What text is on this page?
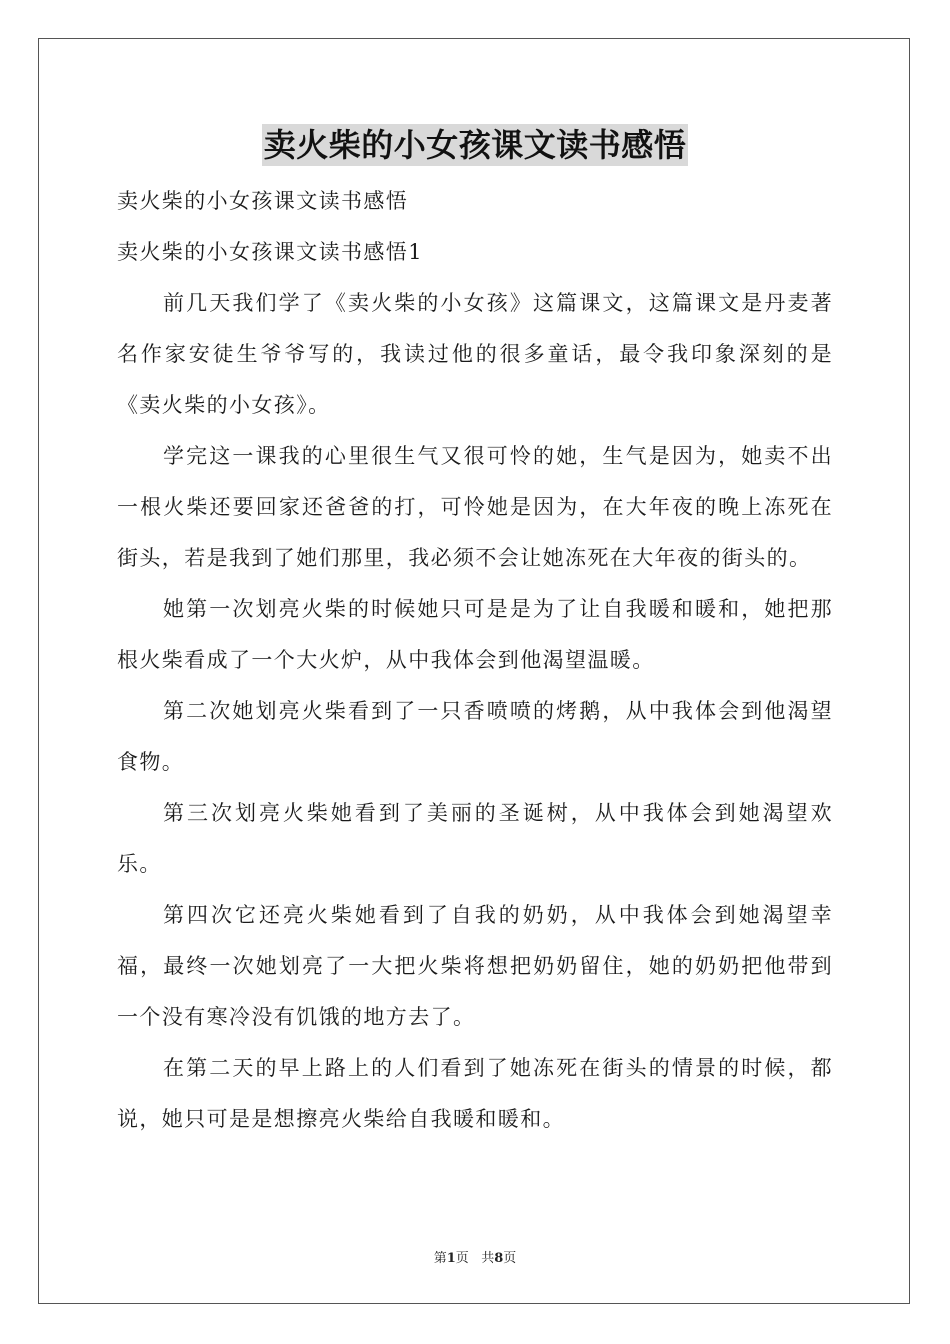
卖火柴的小女孩课文读书感悟

卖火柴的小女孩课文读书感悟

卖火柴的小女孩课文读书感悟1

前几天我们学了《卖火柴的小女孩》这篇课文，这篇课文是丹麦著名作家安徒生爷爷写的，我读过他的很多童话，最令我印象深刻的是《卖火柴的小女孩》。

学完这一课我的心里很生气又很可怜的她，生气是因为，她卖不出一根火柴还要回家还爸爸的打，可怜她是因为，在大年夜的晚上冻死在街头，若是我到了她们那里，我必须不会让她冻死在大年夜的街头的。

她第一次划亮火柴的时候她只可是是为了让自我暖和暖和，她把那根火柴看成了一个大火炉，从中我体会到他渴望温暖。

第二次她划亮火柴看到了一只香喷喷的烤鹅，从中我体会到他渴望食物。

第三次划亮火柴她看到了美丽的圣诞树，从中我体会到她渴望欢乐。

第四次它还亮火柴她看到了自我的奶奶，从中我体会到她渴望幸福，最终一次她划亮了一大把火柴将想把奶奶留住，她的奶奶把他带到一个没有寒冷没有饥饿的地方去了。

在第二天的早上路上的人们看到了她冻死在街头的情景的时候，都说，她只可是是想擦亮火柴给自我暖和暖和。

第1页 共8页
